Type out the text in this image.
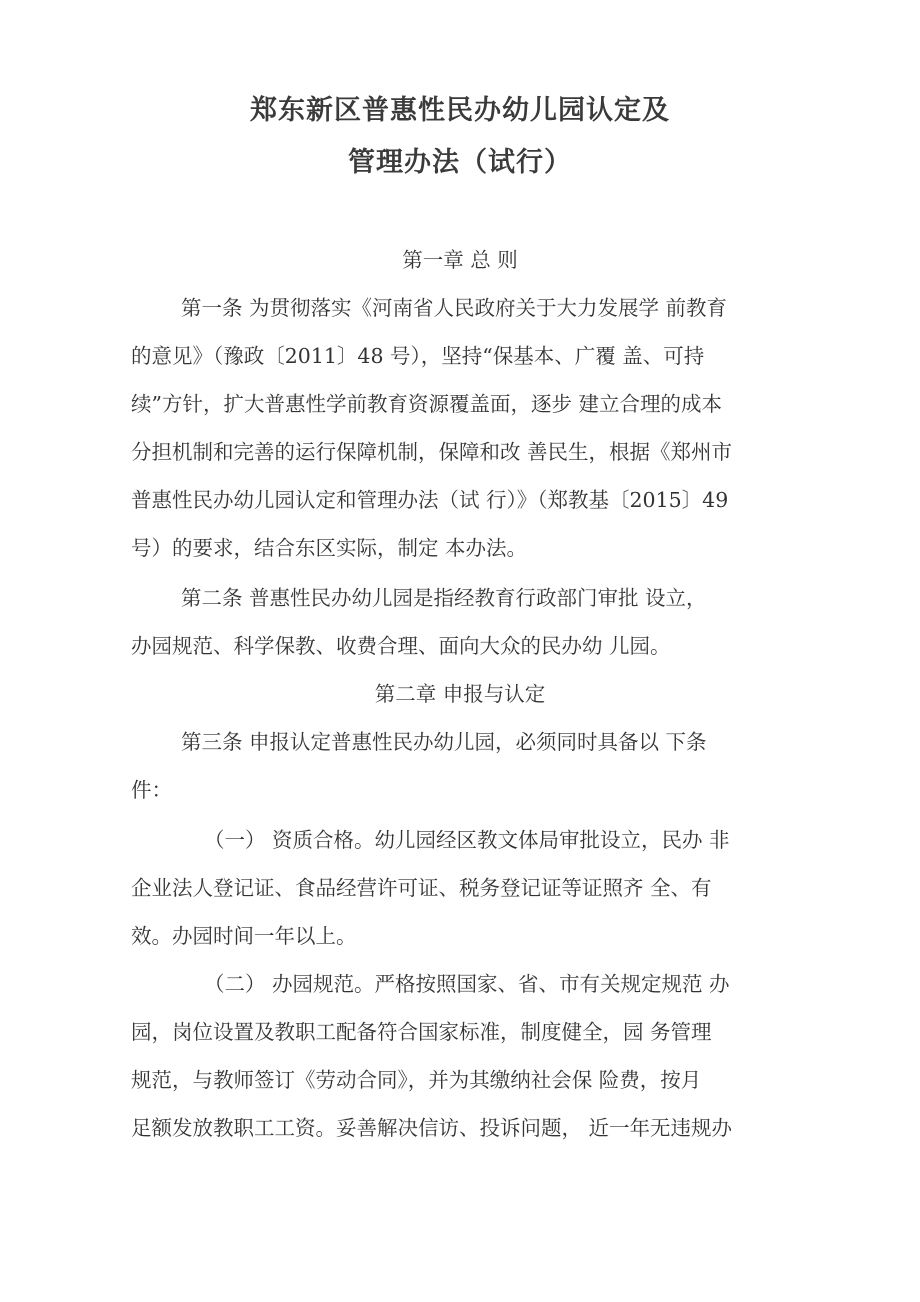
郑东新区普惠性民办幼儿园认定及
管理办法（试行）
第一章 总 则
第一条 为贯彻落实《河南省人民政府关于大力发展学 前教育
的意见》（豫政〔2011〕48 号），坚持“保基本、广覆 盖、可持
续”方针，扩大普惠性学前教育资源覆盖面，逐步 建立合理的成本
分担机制和完善的运行保障机制，保障和改 善民生，根据《郑州市
普惠性民办幼儿园认定和管理办法（试 行）》（郑教基〔2015〕49
号）的要求，结合东区实际，制定 本办法。
第二条 普惠性民办幼儿园是指经教育行政部门审批 设立，
办园规范、科学保教、收费合理、面向大众的民办幼 儿园。
第二章 申报与认定
第三条 申报认定普惠性民办幼儿园，必须同时具备以 下条
件：
（一） 资质合格。幼儿园经区教文体局审批设立，民办 非
企业法人登记证、食品经营许可证、税务登记证等证照齐 全、有
效。办园时间一年以上。
（二） 办园规范。严格按照国家、省、市有关规定规范 办
园，岗位设置及教职工配备符合国家标准，制度健全，园 务管理
规范，与教师签订《劳动合同》，并为其缴纳社会保 险费，按月
足额发放教职工工资。妥善解决信访、投诉问题， 近一年无违规办
